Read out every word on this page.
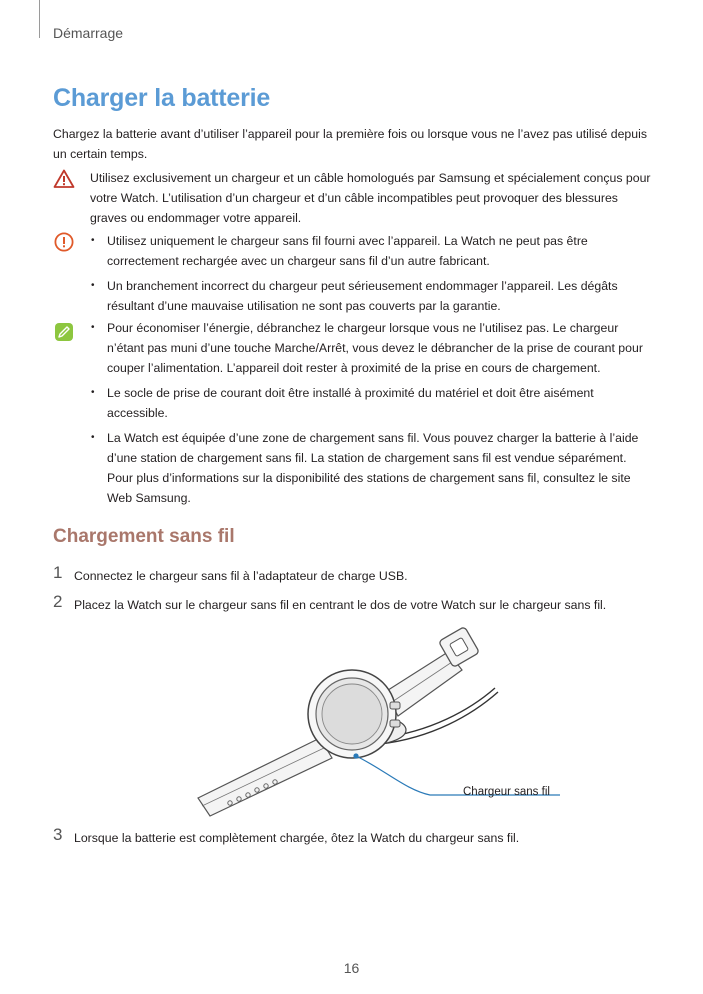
Démarrage
Charger la batterie

Chargez la batterie avant d’utiliser l’appareil pour la première fois ou lorsque vous ne l’avez pas utilisé depuis un certain temps.

Utilisez exclusivement un chargeur et un câble homologués par Samsung et spécialement conçus pour votre Watch. L’utilisation d’un chargeur et d’un câble incompatibles peut provoquer des blessures graves ou endommager votre appareil.
• Utilisez uniquement le chargeur sans fil fourni avec l’appareil. La Watch ne peut pas être correctement rechargée avec un chargeur sans fil d’un autre fabricant.
• Un branchement incorrect du chargeur peut sérieusement endommager l’appareil. Les dégâts résultant d’une mauvaise utilisation ne sont pas couverts par la garantie.
• Pour économiser l’énergie, débranchez le chargeur lorsque vous ne l’utilisez pas. Le chargeur n’étant pas muni d’une touche Marche/Arrêt, vous devez le débrancher de la prise de courant pour couper l’alimentation. L’appareil doit rester à proximité de la prise en cours de chargement.
• Le socle de prise de courant doit être installé à proximité du matériel et doit être aisément accessible.
• La Watch est équipée d’une zone de chargement sans fil. Vous pouvez charger la batterie à l’aide d’une station de chargement sans fil. La station de chargement sans fil est vendue séparément. Pour plus d’informations sur la disponibilité des stations de chargement sans fil, consultez le site Web Samsung.
Chargement sans fil
1 Connectez le chargeur sans fil à l’adaptateur de charge USB.
2 Placez la Watch sur le chargeur sans fil en centrant le dos de votre Watch sur le chargeur sans fil.
Chargeur sans fil
3 Lorsque la batterie est complètement chargée, ôtez la Watch du chargeur sans fil.
16
